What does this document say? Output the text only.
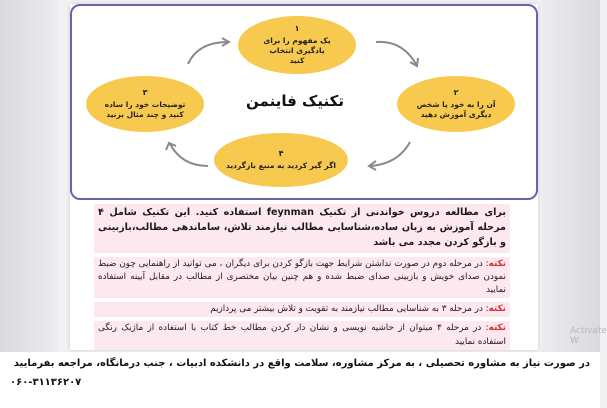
۱
یک مفهوم را برای
یادگیری انتخاب
کنید
۲
آن را به خود یا شخص
دیگری آموزش دهید
۳
توضیحات خود را ساده
کنید و چند مثال بزنید
۴
اگر گیر کردید به منبع بازگردید
تکنیک فاینمن

برای مطالعه دروس خواندنی از تکنیک feynman استفاده کنید. این تکنیک شامل ۴ مرحله آموزش به زبان ساده،شناسایی مطالب نیازمند تلاش، ساماندهی مطالب،بازبینی و بازگو کردن مجدد می باشد

نکته: در مرحله دوم در صورت نداشتن شرایط جهت بازگو کردن برای دیگران ، می توانید از راهنمایی چون ضبط نمودن صدای خویش و بازبینی صدای ضبط شده و هم چنین بیان مختصری از مطالب در مقابل آیینه استفاده نمایید

نکته: در مرحله ۳ به شناسایی مطالب نیازمند به تقویت و تلاش بیشتر می پردازیم

نکته: در مرحله ۴ میتوان از حاشیه نویسی و نشان دار کردن مطالب خط کتاب با استفاده از ماژیک رنگی استفاده نمایید

Activate W
در صورت نیاز به مشاوره تحصیلی ، به مرکز مشاوره، سلامت واقع در دانشکده ادبیات ، جنب درمانگاه، مراجعه بفرمایید
۰۶۰-۳۱۱۳۶۲۰۷
